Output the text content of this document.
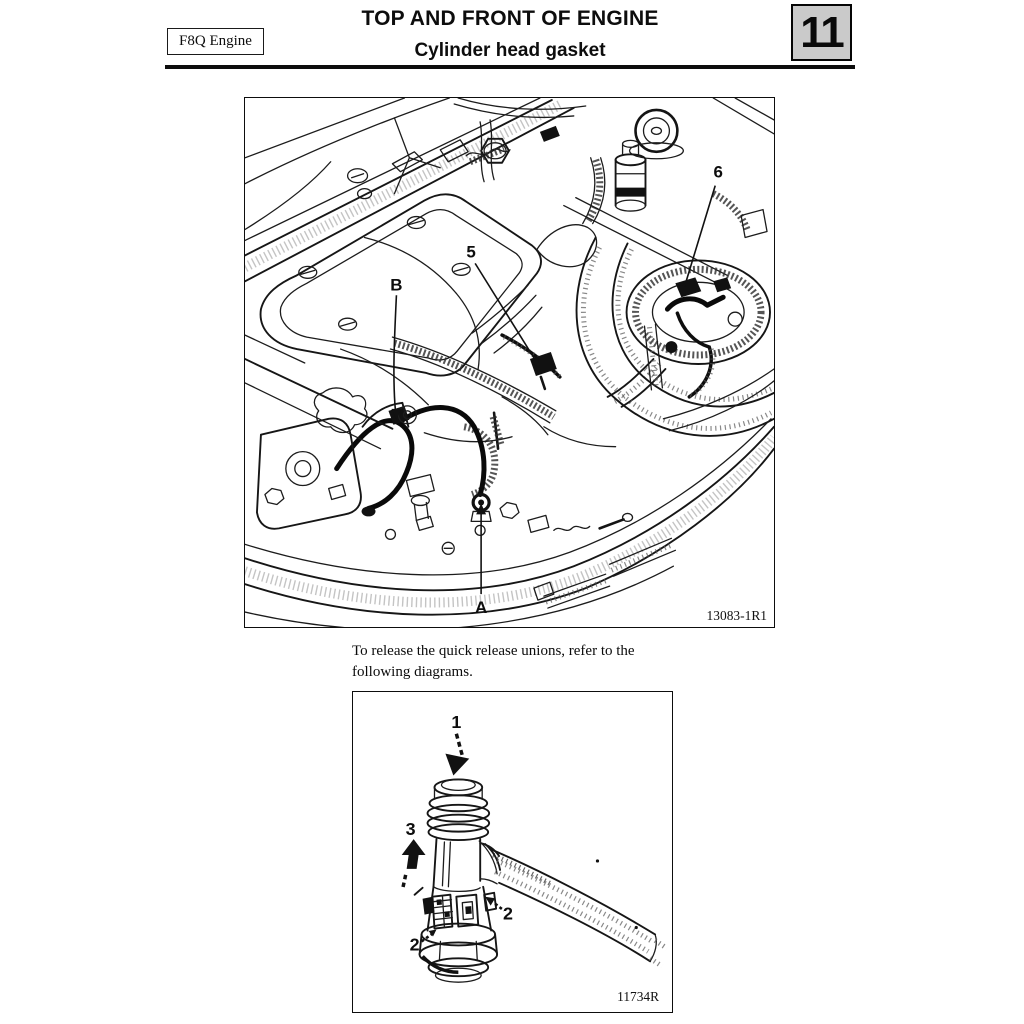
F8Q Engine
TOP AND FRONT OF ENGINE
Cylinder head gasket	11
B
5
6
A	13083-1R1

To release the quick release unions, refer to the following diagrams.

1
3
2
2
11734R
